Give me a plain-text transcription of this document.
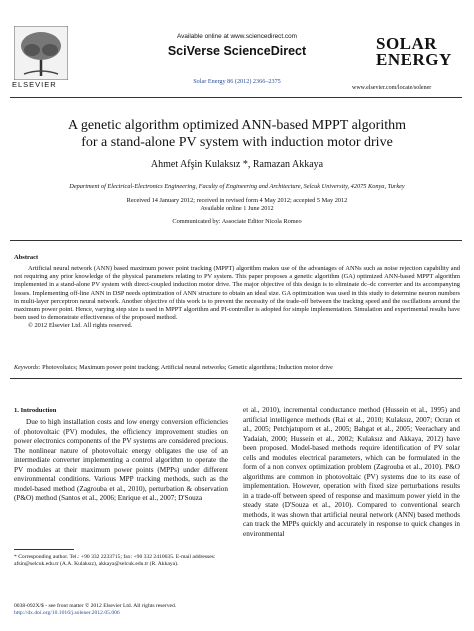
ELSEVIER
Available online at www.sciencedirect.com
SciVerse ScienceDirect
Solar Energy 86 (2012) 2366–2375
SOLAR
ENERGY
www.elsevier.com/locate/solener
A genetic algorithm optimized ANN-based MPPT algorithm
for a stand-alone PV system with induction motor drive
Ahmet Afşin Kulaksız *, Ramazan Akkaya
Department of Electrical-Electronics Engineering, Faculty of Engineering and Architecture, Selcuk University, 42075 Konya, Turkey
Received 14 January 2012; received in revised form 4 May 2012; accepted 5 May 2012
Available online 1 June 2012
Communicated by: Associate Editor Nicola Romeo
Abstract
Artificial neural network (ANN) based maximum power point tracking (MPPT) algorithm makes use of the advantages of ANNs such as noise rejection capability and not requiring any prior knowledge of the physical parameters relating to PV system. This paper proposes a genetic algorithm (GA) optimized ANN-based MPPT algorithm implemented in a stand-alone PV system with direct-coupled induction motor drive. The major objective of this design is to eliminate dc–dc converter and its accompanying losses. Implementing off-line ANN in DSP needs optimization of ANN structure to obtain an ideal size. GA optimization was used in this study to determine neuron numbers in multi-layer perceptron neural network. Another objective of this work is to prevent the necessity of the trade-off between the tracking speed and the oscillations around the maximum power point. Hence, varying step size is used in MPPT algorithm and PI-controller is adopted for simple implementation. Simulation and experimental results have been used to demonstrate effectiveness of the proposed method.
© 2012 Elsevier Ltd. All rights reserved.
Keywords: Photovoltaics; Maximum power point tracking; Artificial neural networks; Genetic algorithms; Induction motor drive
1. Introduction
Due to high installation costs and low energy conversion efficiencies of photovoltaic (PV) modules, the efficiency improvement studies on power electronics components of the PV systems are considered precious. The nonlinear nature of photovoltaic energy obligates the use of an intermediate converter implementing a control algorithm to operate the PV modules at their maximum power points (MPPs) under different environmental conditions. Various MPP tracking methods, such as the model-based method (Zagrouba et al., 2010), perturbation & observation (P&O) method (Santos et al., 2006; Enrique et al., 2007; D'Souza
et al., 2010), incremental conductance method (Hussein et al., 1995) and artificial intelligence methods (Rai et al., 2010; Kulaksız, 2007; Ocran et al., 2005; Petchjatuporn et al., 2005; Bahgat et al., 2005; Veerachary and Yadaiah, 2000; Hussein et al., 2002; Kulaksız and Akkaya, 2012) have been proposed. Model-based methods require identification of PV solar cells and modules electrical parameters, which can be formulated in the form of a non convex optimization problem (Zagrouba et al., 2010). P&O algorithms are common in photovoltaic (PV) systems due to its ease of implementation. However, operation with fixed size perturbations results in a trade-off between speed of response and maximum power yield in the steady state (D'Souza et al., 2010). Compared to conventional search methods, it was shown that artificial neural network (ANN) based methods can track the MPPs quickly and accurately in response to quick changes in environmental
* Corresponding author. Tel.: +90 332 2233715; fax: +90 332 2410635. E-mail addresses: afsin@selcuk.edu.tr (A.A. Kulaksız), akkaya@selcuk.edu.tr (R. Akkaya).
0038-092X/$ - see front matter © 2012 Elsevier Ltd. All rights reserved.
http://dx.doi.org/10.1016/j.solener.2012.05.006
